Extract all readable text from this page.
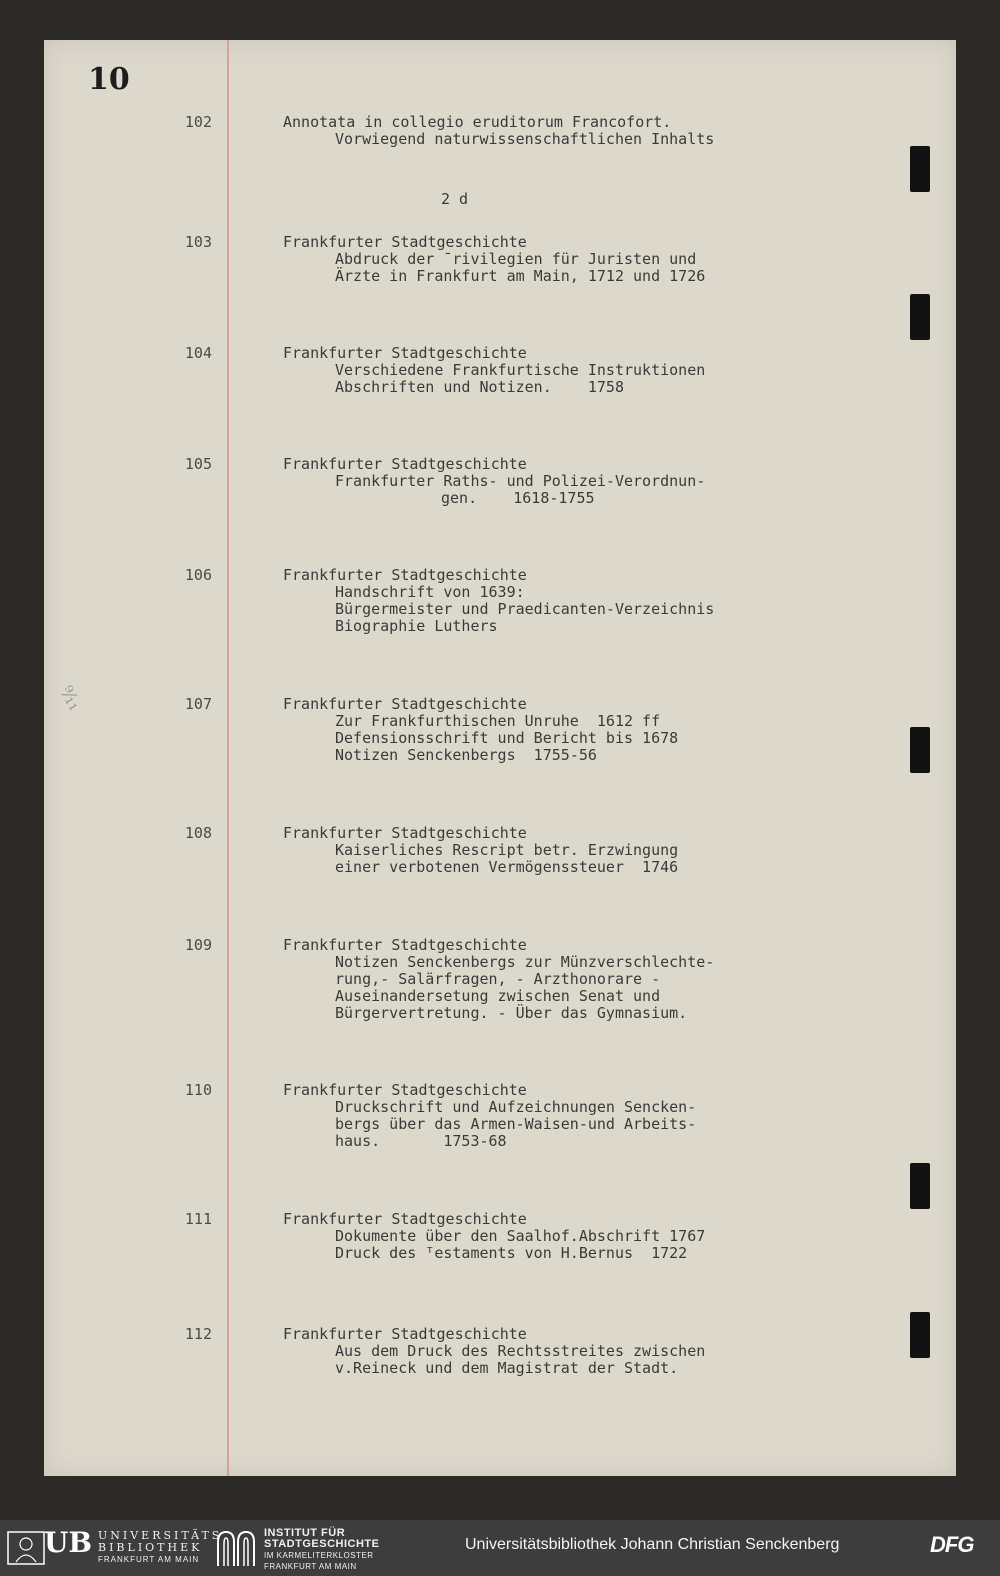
10
2 d
⁹⁄₁₁
102	Annotata in collegio eruditorum Francofort.
Vorwiegend naturwissenschaftlichen Inhalts
103	Frankfurter Stadtgeschichte
Abdruck der ˉrivilegien für Juristen und
Ärzte in Frankfurt am Main, 1712 und 1726
104	Frankfurter Stadtgeschichte
Verschiedene Frankfurtische Instruktionen
Abschriften und Notizen.    1758
105	Frankfurter Stadtgeschichte
Frankfurter Raths- und Polizei-Verordnun-
gen.    1618-1755
106	Frankfurter Stadtgeschichte
Handschrift von 1639:
Bürgermeister und Praedicanten-Verzeichnis
Biographie Luthers
107	Frankfurter Stadtgeschichte
Zur Frankfurthischen Unruhe  1612 ff
Defensionsschrift und Bericht bis 1678
Notizen Senckenbergs  1755-56
108	Frankfurter Stadtgeschichte
Kaiserliches Rescript betr. Erzwingung
einer verbotenen Vermögenssteuer  1746
109	Frankfurter Stadtgeschichte
Notizen Senckenbergs zur Münzverschlechte-
rung,- Salärfragen, - Arzthonorare -
Auseinandersetung zwischen Senat und
Bürgervertretung. - Über das Gymnasium.
110	Frankfurter Stadtgeschichte
Druckschrift und Aufzeichnungen Sencken-
bergs über das Armen-Waisen-und Arbeits-
haus.       1753-68
111	Frankfurter Stadtgeschichte
Dokumente über den Saalhof.Abschrift 1767
Druck des ᵀestaments von H.Bernus  1722
112	Frankfurter Stadtgeschichte
Aus dem Druck des Rechtsstreites zwischen
v.Reineck und dem Magistrat der Stadt.
UB UNIVERSITÄTS
BIBLIOTHEK
FRANKFURT AM MAIN
INSTITUT FÜR
STADTGESCHICHTE
IM KARMELITERKLOSTER
FRANKFURT AM MAIN
Universitätsbibliothek Johann Christian Senckenberg	DFG
